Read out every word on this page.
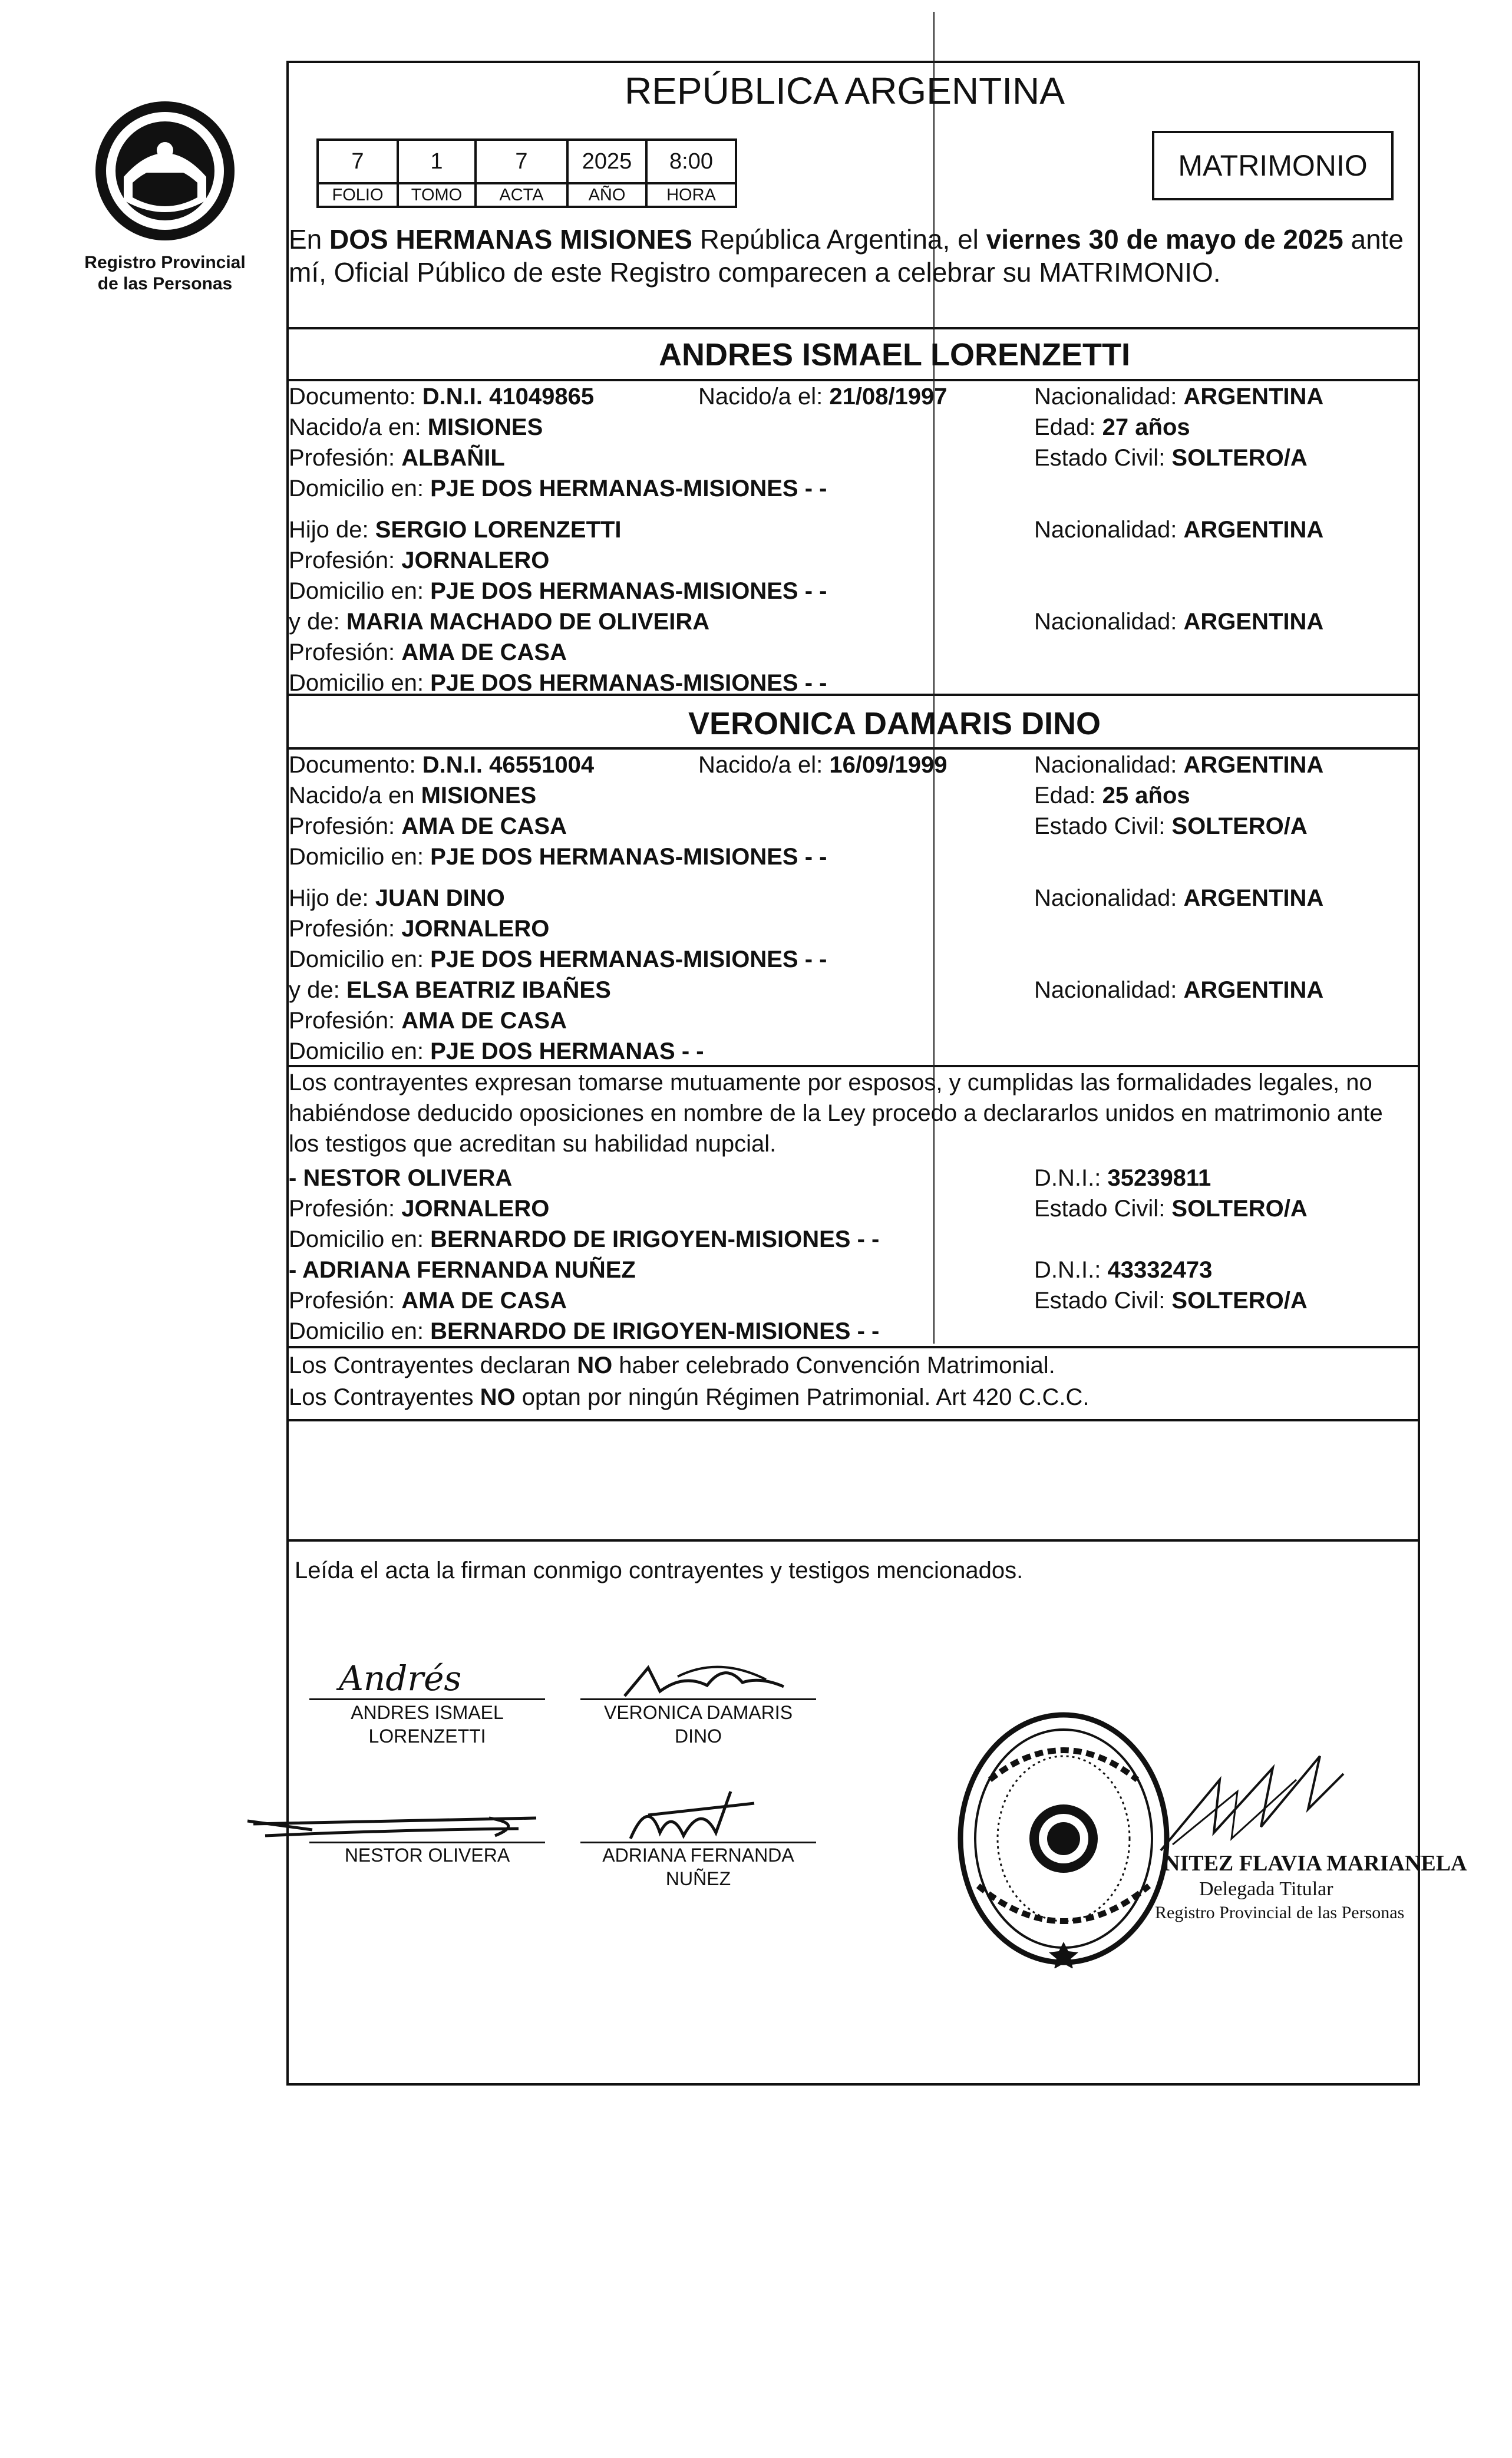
Registro Provincial
de las Personas
REPÚBLICA ARGENTINA
7	1	7	2025	8:00
FOLIO	TOMO	ACTA	AÑO	HORA
MATRIMONIO
En DOS HERMANAS MISIONES República Argentina, el viernes 30 de mayo de 2025 ante
mí, Oficial Público de este Registro comparecen a celebrar su MATRIMONIO.
ANDRES ISMAEL LORENZETTI
Documento: D.N.I. 41049865	Nacido/a el: 21/08/1997	Nacionalidad: ARGENTINA
Nacido/a en: MISIONES	Edad: 27 años
Profesión: ALBAÑIL	Estado Civil: SOLTERO/A
Domicilio en: PJE DOS HERMANAS-MISIONES - -
Hijo de: SERGIO LORENZETTI	Nacionalidad: ARGENTINA
Profesión: JORNALERO
Domicilio en: PJE DOS HERMANAS-MISIONES - -
y de: MARIA MACHADO DE OLIVEIRA	Nacionalidad: ARGENTINA
Profesión: AMA DE CASA
Domicilio en: PJE DOS HERMANAS-MISIONES - -
VERONICA DAMARIS DINO
Documento: D.N.I. 46551004	Nacido/a el: 16/09/1999	Nacionalidad: ARGENTINA
Nacido/a en MISIONES	Edad: 25 años
Profesión: AMA DE CASA	Estado Civil: SOLTERO/A
Domicilio en: PJE DOS HERMANAS-MISIONES - -
Hijo de: JUAN DINO	Nacionalidad: ARGENTINA
Profesión: JORNALERO
Domicilio en: PJE DOS HERMANAS-MISIONES - -
y de: ELSA BEATRIZ IBAÑES	Nacionalidad: ARGENTINA
Profesión: AMA DE CASA
Domicilio en: PJE DOS HERMANAS - -
Los contrayentes expresan tomarse mutuamente por esposos, y cumplidas las formalidades legales, no
habiéndose deducido oposiciones en nombre de la Ley procedo a declararlos unidos en matrimonio ante
los testigos que acreditan su habilidad nupcial.
- NESTOR OLIVERA	D.N.I.: 35239811
Profesión: JORNALERO	Estado Civil: SOLTERO/A
Domicilio en: BERNARDO DE IRIGOYEN-MISIONES - -
- ADRIANA FERNANDA NUÑEZ	D.N.I.: 43332473
Profesión: AMA DE CASA	Estado Civil: SOLTERO/A
Domicilio en: BERNARDO DE IRIGOYEN-MISIONES - -
Los Contrayentes declaran NO haber celebrado Convención Matrimonial.
Los Contrayentes NO optan por ningún Régimen Patrimonial. Art 420 C.C.C.
Leída el acta la firman conmigo contrayentes y testigos mencionados.
Andrés
ANDRES ISMAEL
LORENZETTI
VERONICA DAMARIS
DINO
NESTOR OLIVERA	ADRIANA FERNANDA
NUÑEZ
NITEZ FLAVIA MARIANELA
Delegada Titular
Registro Provincial de las Personas
